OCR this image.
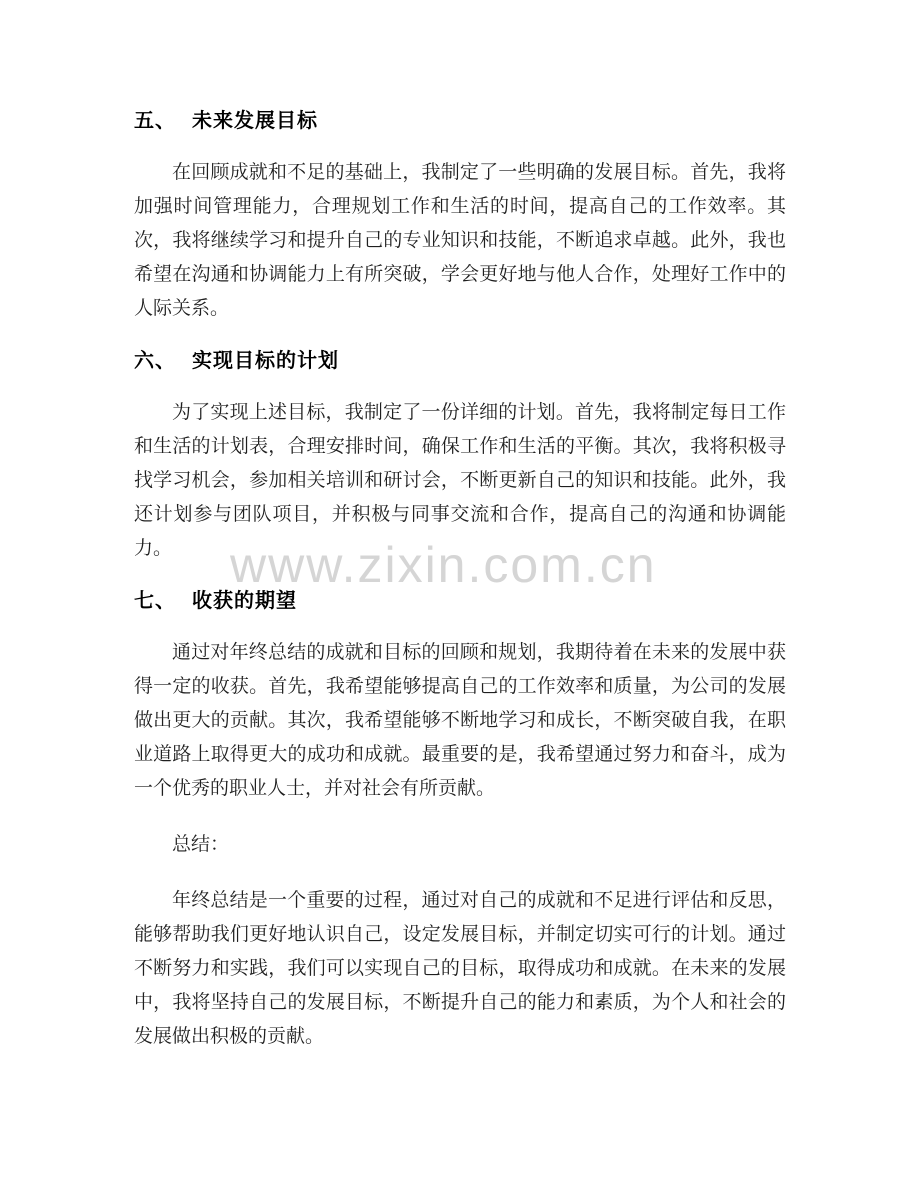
www.zixin.com.cn
五、 未来发展目标

在回顾成就和不足的基础上，我制定了一些明确的发展目标。首先，我将加强时间管理能力，合理规划工作和生活的时间，提高自己的工作效率。其次，我将继续学习和提升自己的专业知识和技能，不断追求卓越。此外，我也希望在沟通和协调能力上有所突破，学会更好地与他人合作，处理好工作中的人际关系。

六、 实现目标的计划

为了实现上述目标，我制定了一份详细的计划。首先，我将制定每日工作和生活的计划表，合理安排时间，确保工作和生活的平衡。其次，我将积极寻找学习机会，参加相关培训和研讨会，不断更新自己的知识和技能。此外，我还计划参与团队项目，并积极与同事交流和合作，提高自己的沟通和协调能力。

七、 收获的期望

通过对年终总结的成就和目标的回顾和规划，我期待着在未来的发展中获得一定的收获。首先，我希望能够提高自己的工作效率和质量，为公司的发展做出更大的贡献。其次，我希望能够不断地学习和成长，不断突破自我，在职业道路上取得更大的成功和成就。最重要的是，我希望通过努力和奋斗，成为一个优秀的职业人士，并对社会有所贡献。

总结：

年终总结是一个重要的过程，通过对自己的成就和不足进行评估和反思，能够帮助我们更好地认识自己，设定发展目标，并制定切实可行的计划。通过不断努力和实践，我们可以实现自己的目标，取得成功和成就。在未来的发展中，我将坚持自己的发展目标，不断提升自己的能力和素质，为个人和社会的发展做出积极的贡献。
